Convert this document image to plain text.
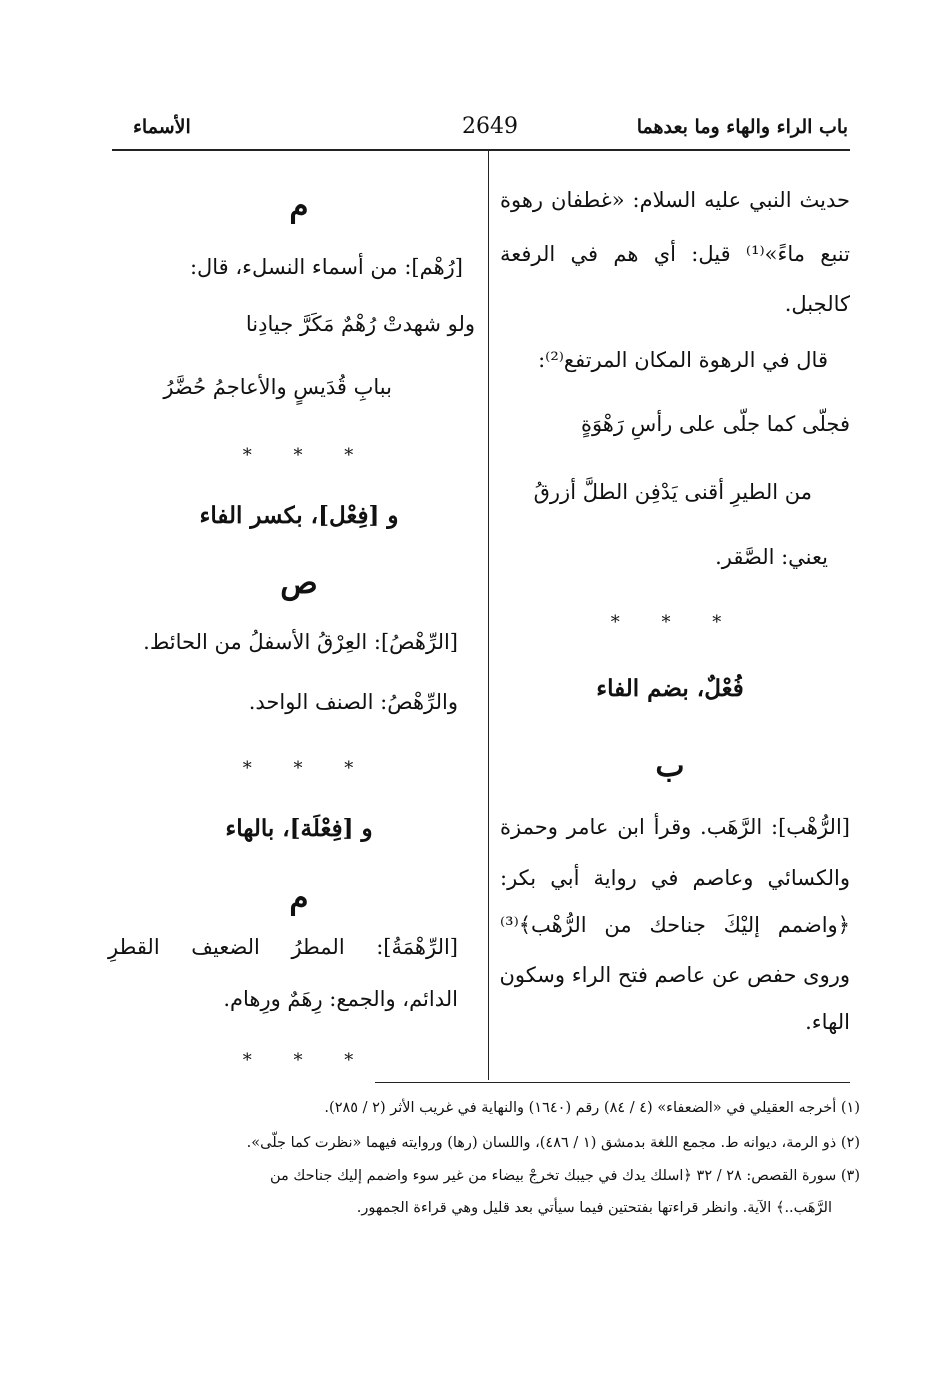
باب الراء والهاء وما بعدهما
2649
الأسماء
حديث النبي عليه السلام: «غطفان رهوة
تنبع ماءً»⁽¹⁾ قيل: أي هم في الرفعة
كالجبل.
قال في الرهوة المكان المرتفع⁽²⁾:
فجلّى كما جلّى على رأسِ رَهْوَةٍ
من الطيرِ أقنى يَدْفِن الطلَّ أزرقُ
يعني: الصَّقر.
* * *
فُعْلٌ، بضم الفاء
ب
[الرُّهْب]: الرَّهَب. وقرأ ابن عامر وحمزة
والكسائي وعاصم في رواية أبي بكر:
﴿واضمم إليْكَ جناحك من الرُّهْب﴾⁽³⁾
وروى حفص عن عاصم فتح الراء وسكون
الهاء.
م
[رُهْم]: من أسماء النسلء، قال:
ولو شهدتْ رُهْمٌ مَكَرَّ جيادِنا
ببابِ قُدَيسٍ والأعاجمُ حُضَّرُ
* * *
و [فِعْل]، بكسر الفاء
ص
[الرِّهْصُ]: العِرْقُ الأسفلُ من الحائط.
والرِّهْصُ: الصنف الواحد.
* * *
و [فِعْلَة]، بالهاء
م
[الرِّهْمَةُ]: المطرُ الضعيف القطرِ
الدائم، والجمع: رِهَمٌ ورِهام.
* * *
(١) أخرجه العقيلي في «الضعفاء» (٤ / ٨٤) رقم (١٦٤٠) والنهاية في غريب الأثر (٢ / ٢٨٥).
(٢) ذو الرمة، ديوانه ط. مجمع اللغة بدمشق (١ / ٤٨٦)، واللسان (رها) وروايته فيهما «نظرت كما جلّى».
(٣) سورة القصص: ٢٨ / ٣٢ ﴿اسلك يدك في جيبك تخرجْ بيضاء من غير سوء واضمم إليك جناحك من
الرَّهَب..﴾ الآية. وانظر قراءتها بفتحتين فيما سيأتي بعد قليل وهي قراءة الجمهور.
